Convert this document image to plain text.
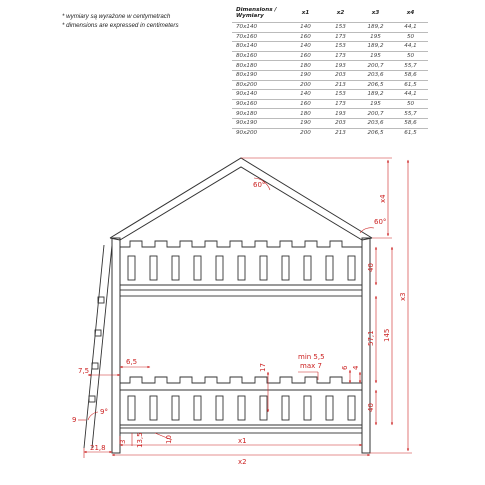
* wymiary są wyrażone w centymetrach
* dimensions are expressed in centimeters
Dimensions / Wymiary	x1	x2	x3	x4
70x140	140	153	189,2	44,1
70x160	160	173	195	50
80x140	140	153	189,2	44,1
80x160	160	173	195	50
80x180	180	193	200,7	55,7
80x190	190	203	203,6	58,6
80x200	200	213	206,5	61,5
90x140	140	153	189,2	44,1
90x160	160	173	195	50
90x180	180	193	200,7	55,7
90x190	190	203	203,6	58,6
90x200	200	213	206,5	61,5
60°
60°
9°
x4
x3
40
57,1 145
40
6,5
7,5	17
min 5,5
max 7	6 4
9
21,8
3 13,5	10	x1
x2
